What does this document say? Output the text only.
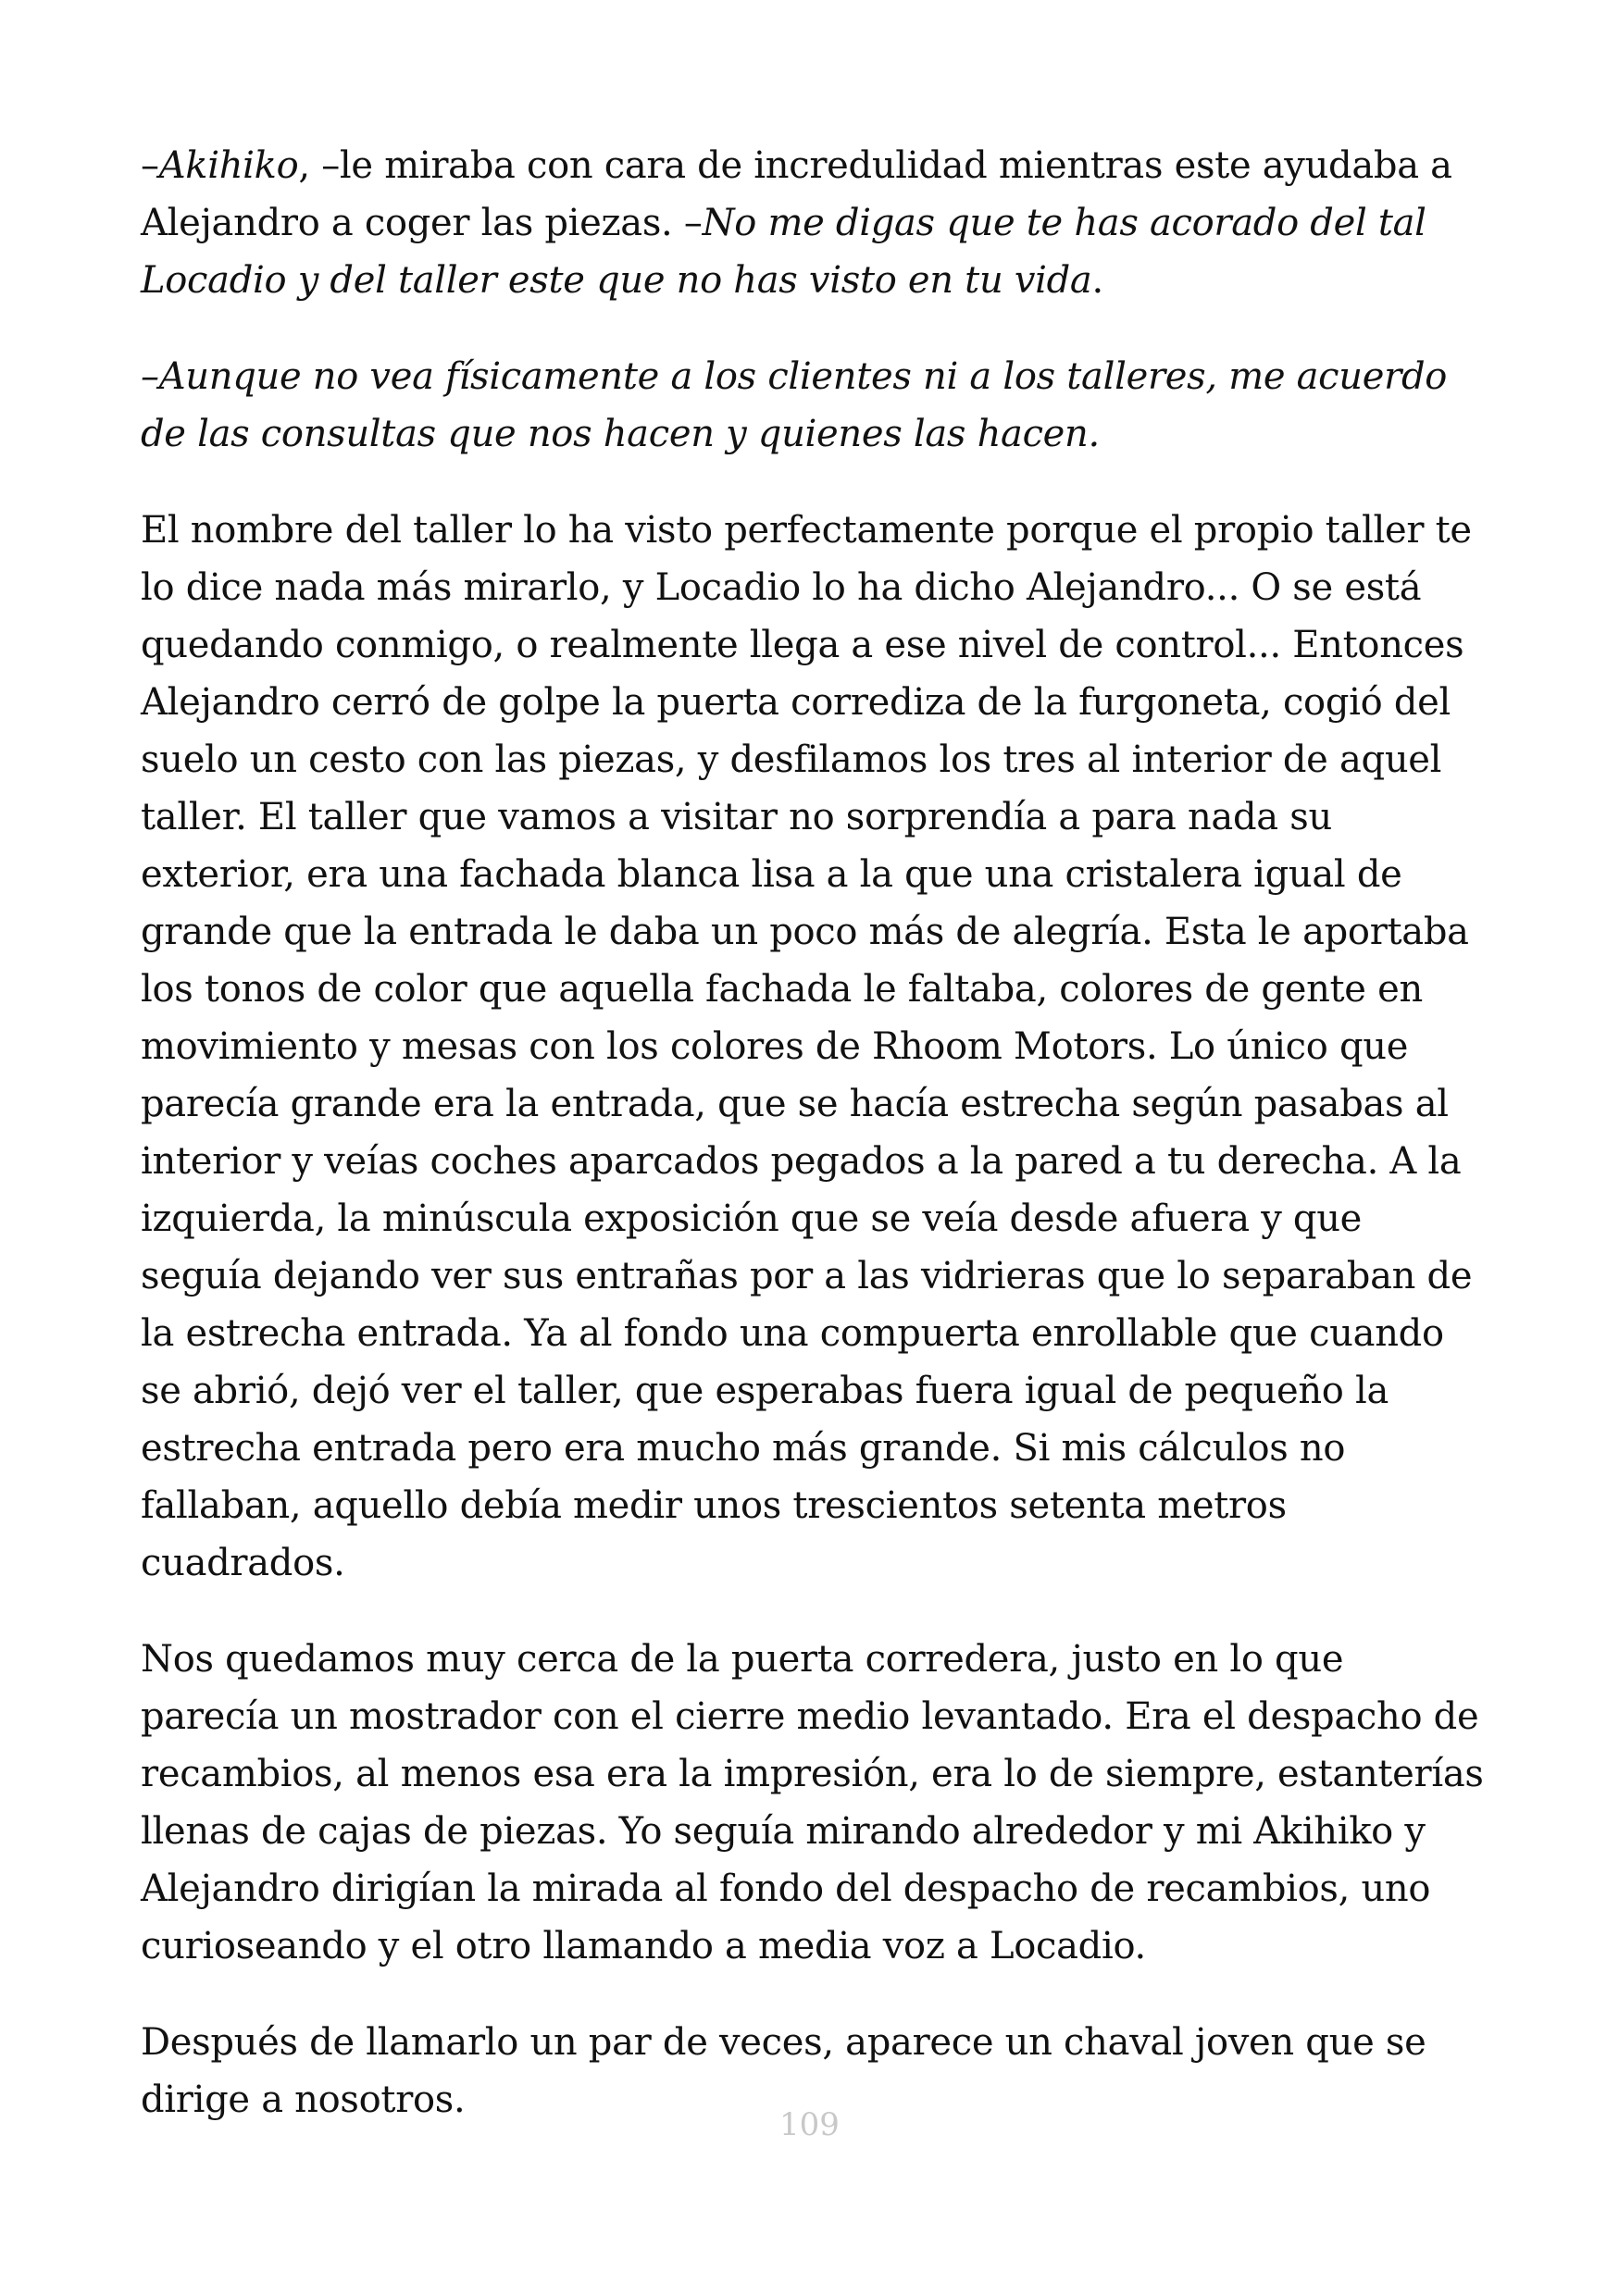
–Akihiko, –le miraba con cara de incredulidad mientras este ayudaba a Alejandro a coger las piezas. –No me digas que te has acorado del tal Locadio y del taller este que no has visto en tu vida.

–Aunque no vea físicamente a los clientes ni a los talleres, me acuerdo de las consultas que nos hacen y quienes las hacen.

El nombre del taller lo ha visto perfectamente porque el propio taller te lo dice nada más mirarlo, y Locadio lo ha dicho Alejandro... O se está quedando conmigo, o realmente llega a ese nivel de control... Entonces Alejandro cerró de golpe la puerta corrediza de la furgoneta, cogió del suelo un cesto con las piezas, y desfilamos los tres al interior de aquel taller. El taller que vamos a visitar no sorprendía a para nada su exterior, era una fachada blanca lisa a la que una cristalera igual de grande que la entrada le daba un poco más de alegría. Esta le aportaba los tonos de color que aquella fachada le faltaba, colores de gente en movimiento y mesas con los colores de Rhoom Motors. Lo único que parecía grande era la entrada, que se hacía estrecha según pasabas al interior y veías coches aparcados pegados a la pared a tu derecha. A la izquierda, la minúscula exposición que se veía desde afuera y que seguía dejando ver sus entrañas por a las vidrieras que lo separaban de la estrecha entrada. Ya al fondo una compuerta enrollable que cuando se abrió, dejó ver el taller, que esperabas fuera igual de pequeño la estrecha entrada pero era mucho más grande. Si mis cálculos no fallaban, aquello debía medir unos trescientos setenta metros cuadrados.

Nos quedamos muy cerca de la puerta corredera, justo en lo que parecía un mostrador con el cierre medio levantado. Era el despacho de recambios, al menos esa era la impresión, era lo de siempre, estanterías llenas de cajas de piezas. Yo seguía mirando alrededor y mi Akihiko y Alejandro dirigían la mirada al fondo del despacho de recambios, uno curioseando y el otro llamando a media voz a Locadio.

Después de llamarlo un par de veces, aparece un chaval joven que se dirige a nosotros.

109
